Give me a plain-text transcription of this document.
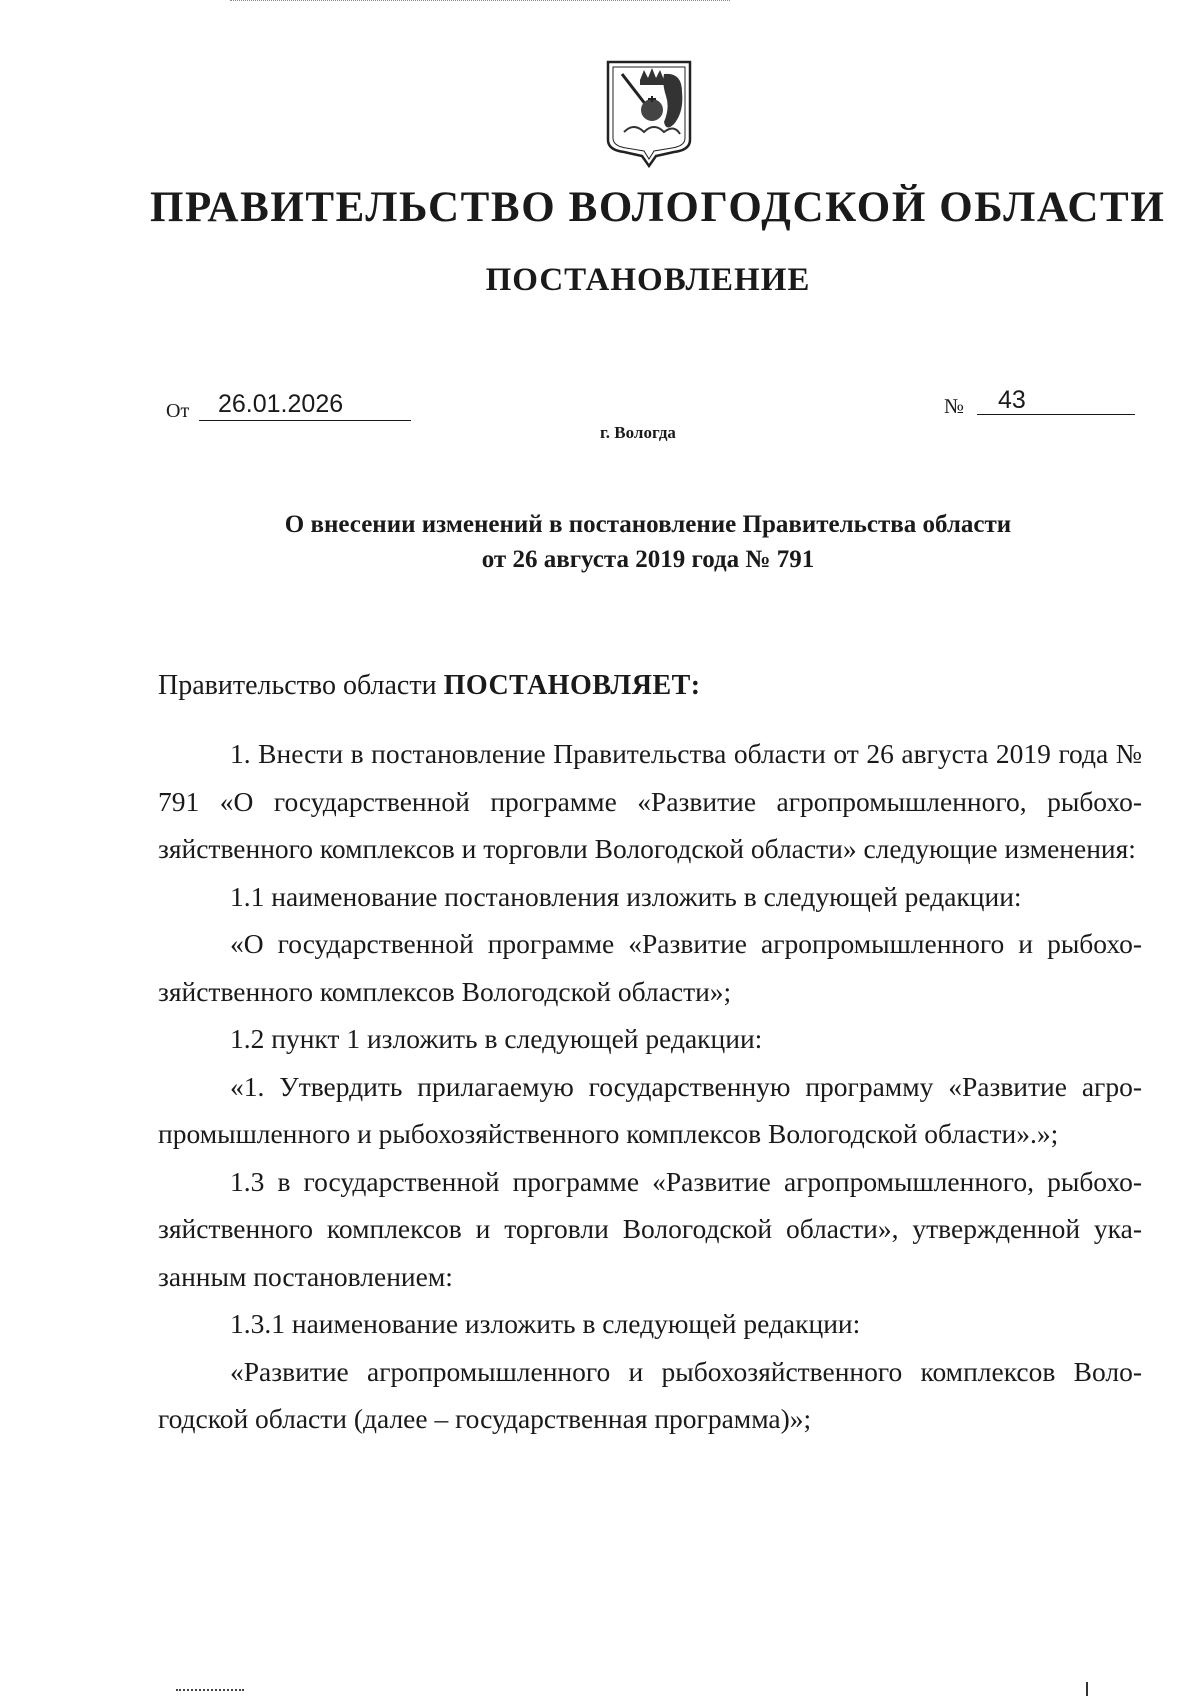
ПРАВИТЕЛЬСТВО ВОЛОГОДСКОЙ ОБЛАСТИ
ПОСТАНОВЛЕНИЕ
От 26.01.2026	№ 43
г. Вологда
О внесении изменений в постановление Правительства области
от 26 августа 2019 года № 791
Правительство области ПОСТАНОВЛЯЕТ:

1. Внести в постановление Правительства области от 26 августа 2019 года № 791 «О государственной программе «Развитие агропромышленного, рыбохозяйственного комплексов и торговли Вологодской области» следующие изменения:

1.1 наименование постановления изложить в следующей редакции:

«О государственной программе «Развитие агропромышленного и рыбохозяйственного комплексов Вологодской области»;

1.2 пункт 1 изложить в следующей редакции:

«1. Утвердить прилагаемую государственную программу «Развитие агропромышленного и рыбохозяйственного комплексов Вологодской области».»;

1.3 в государственной программе «Развитие агропромышленного, рыбохозяйственного комплексов и торговли Вологодской области», утвержденной указанным постановлением:

1.3.1 наименование изложить в следующей редакции:

«Развитие агропромышленного и рыбохозяйственного комплексов Вологодской области (далее – государственная программа)»;
